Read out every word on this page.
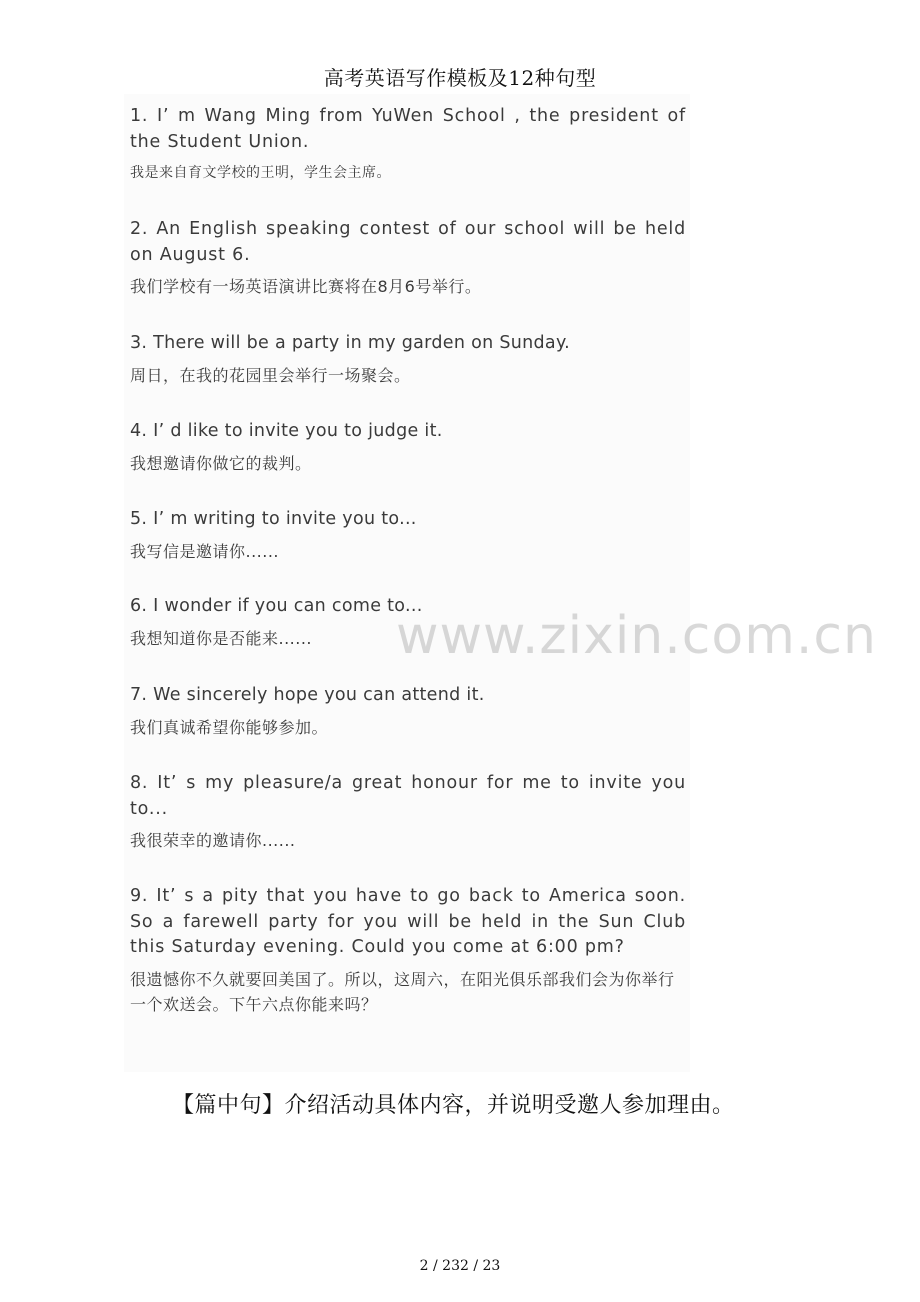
高考英语写作模板及12种句型
1. I’ m Wang Ming from YuWen School , the president of the Student Union.
我是来自育文学校的王明，学生会主席。
2. An English speaking contest of our school will be held on August 6.
我们学校有一场英语演讲比赛将在8月6号举行。
3. There will be a party in my garden on Sunday.
周日，在我的花园里会举行一场聚会。
4. I’ d like to invite you to judge it.
我想邀请你做它的裁判。
5. I’ m writing to invite you to...
我写信是邀请你......
6. I wonder if you can come to...
我想知道你是否能来......
7. We sincerely hope you can attend it.
我们真诚希望你能够参加。
8. It’ s my pleasure/a great honour for me to invite you to...
我很荣幸的邀请你......
9. It’ s a pity that you have to go back to America soon. So a farewell party for you will be held in the Sun Club this Saturday evening. Could you come at 6:00 pm?
很遗憾你不久就要回美国了。所以，这周六，在阳光俱乐部我们会为你举行一个欢送会。下午六点你能来吗？
www.zixin.com.cn
【篇中句】介绍活动具体内容，并说明受邀人参加理由。
2 / 232 / 23
